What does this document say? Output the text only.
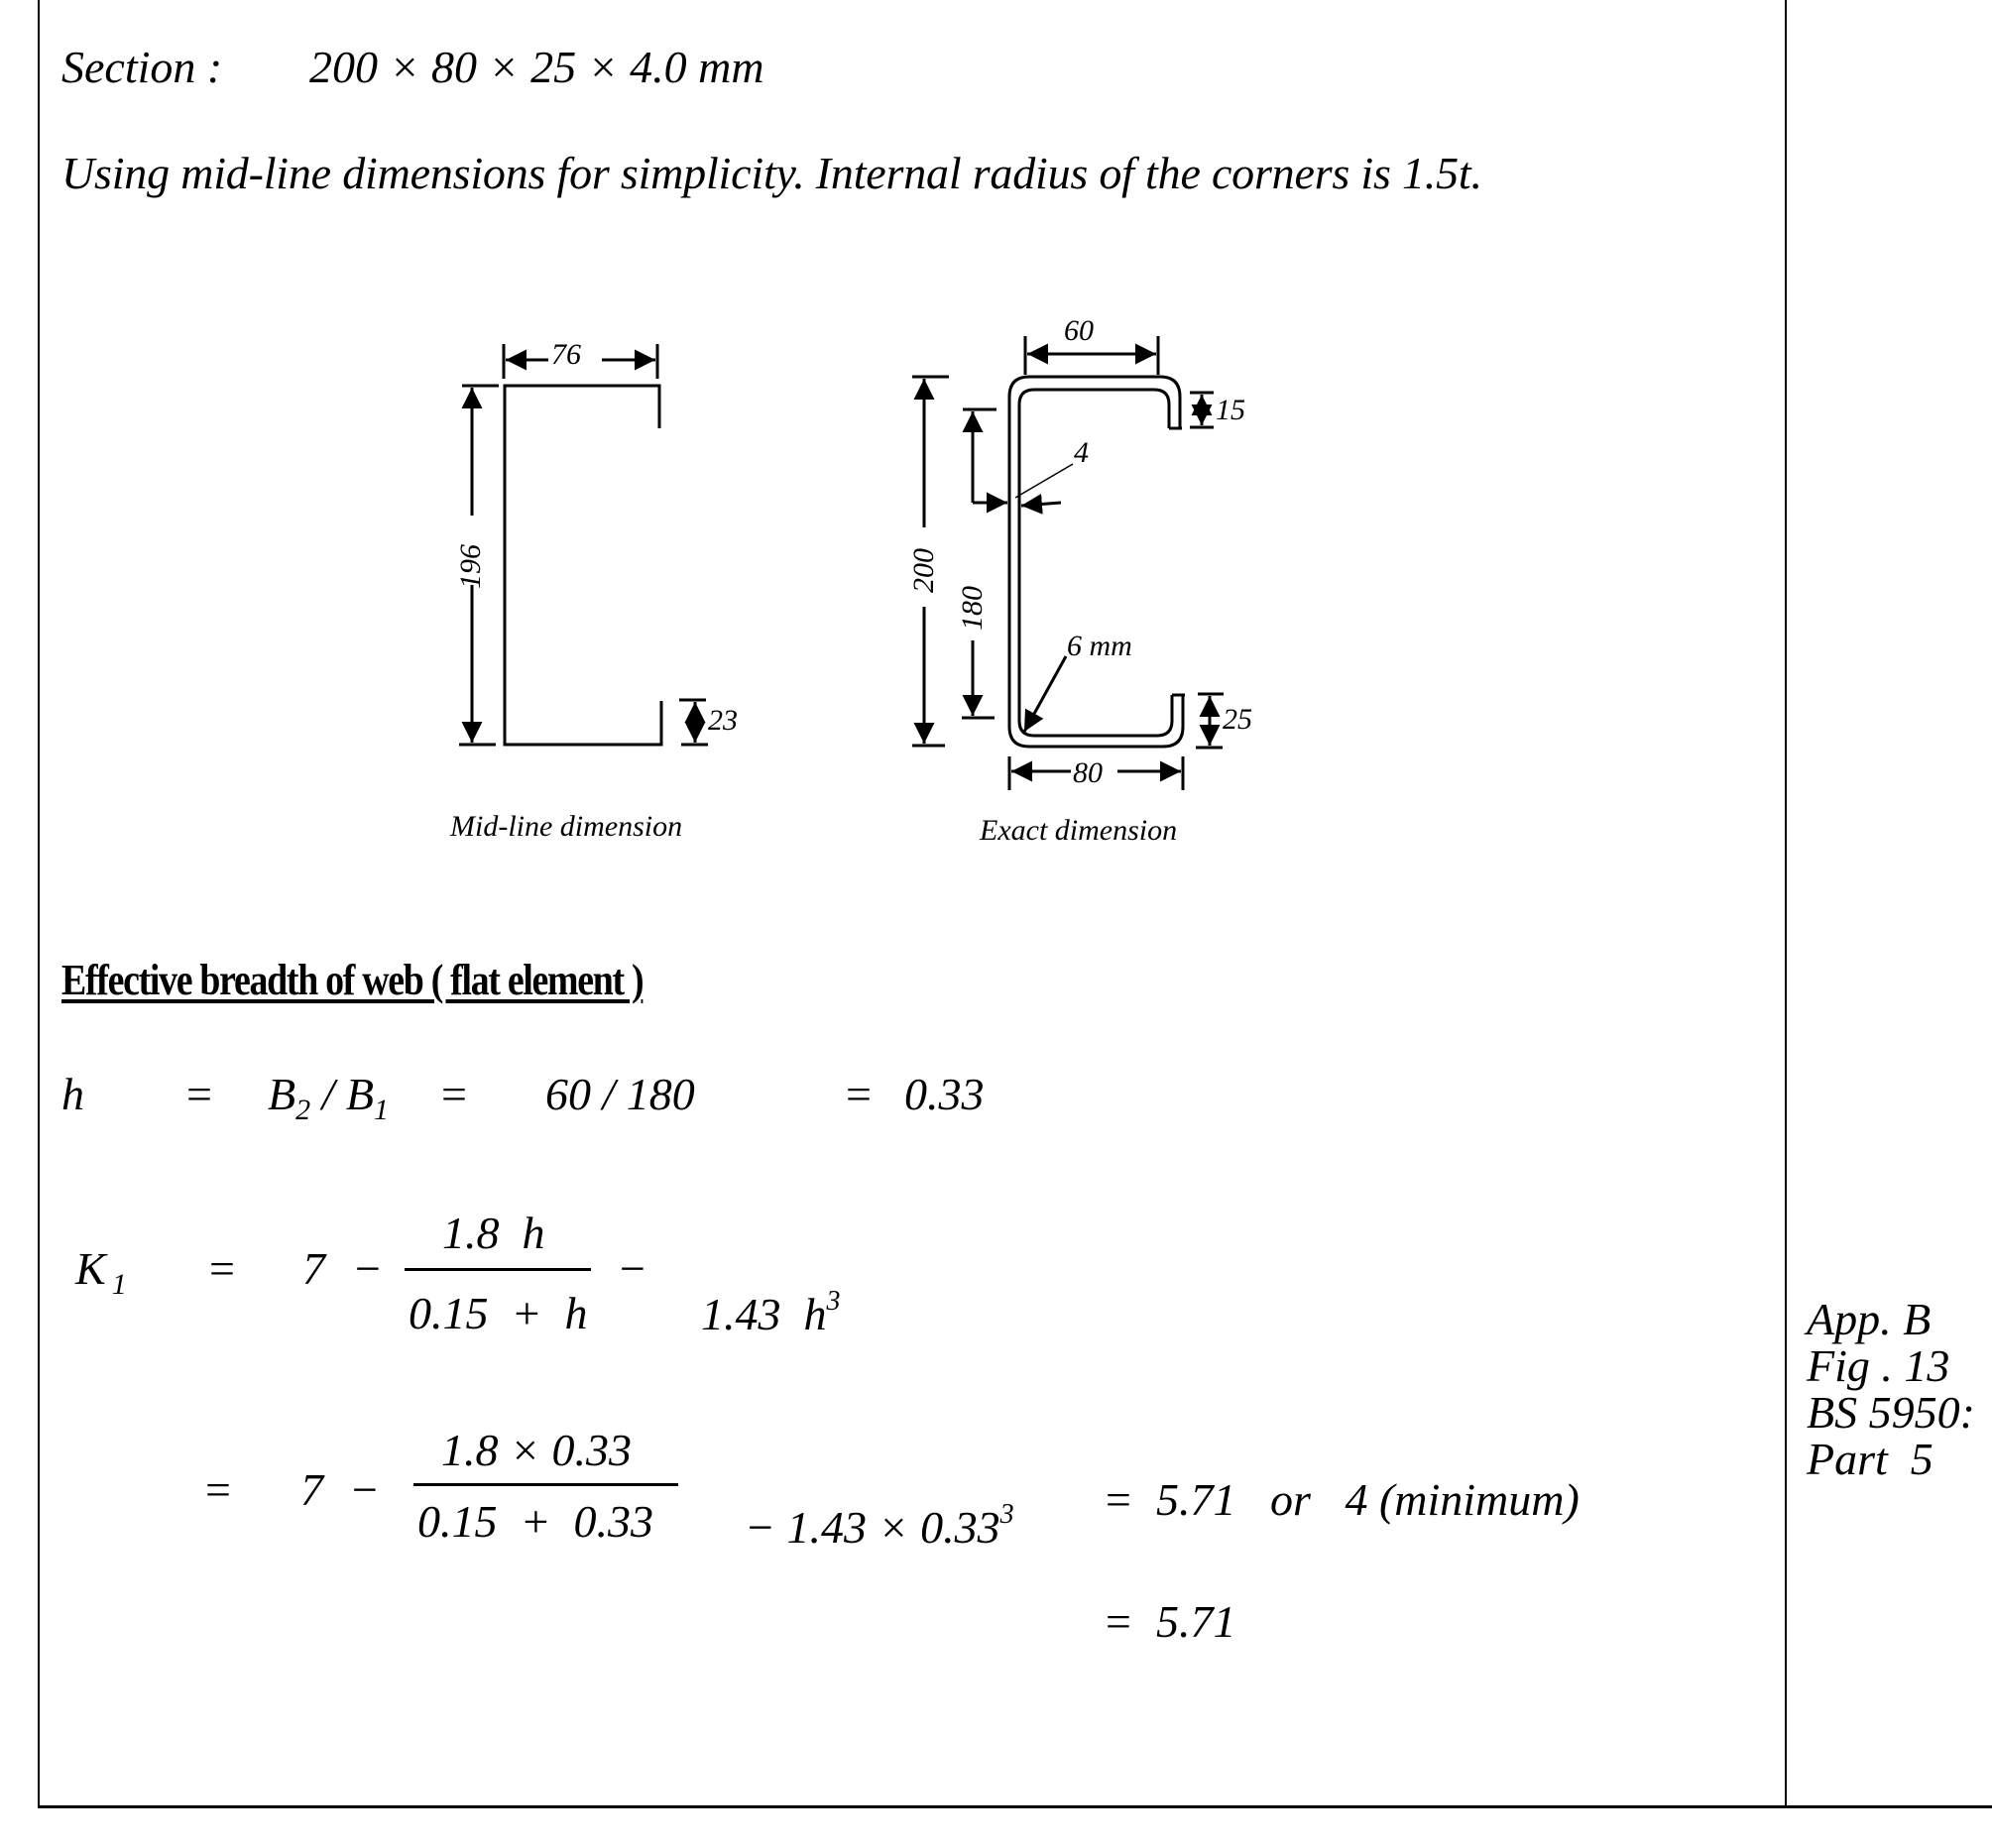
Section : 200 × 80 × 25 × 4.0 mm
Using mid-line dimensions for simplicity. Internal radius of the corners is 1.5t.
76
196
23
Mid-line dimension
60
200
180
4
6 mm
15
25
80
Exact dimension
Effective breadth of web ( flat element )
$h = B_2 / B_1 = 60 / 180$	= 0.33
K $_1$ = 7 −
1.8  h
0.15  +  h
−

1.43  $h^3$

= 7 −
1.8 × 0.33
0.15  +  0.33	− $1.43 \times 0.33^3 = 5.71$   or   4 (minimum)
=  5.71
App. B
Fig . 13
BS 5950:
Part  5
